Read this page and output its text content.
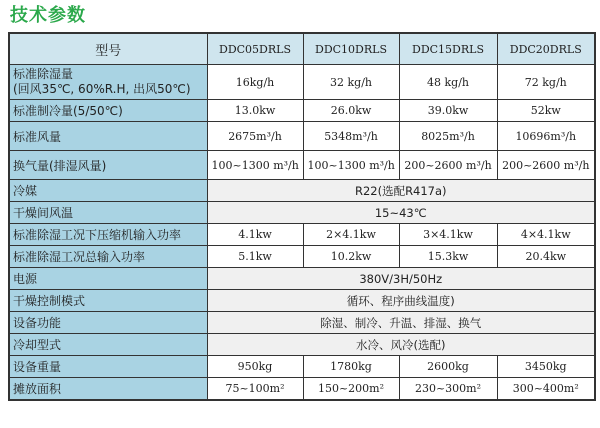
技术参数
型号	DDC05DRLS	DDC10DRLS	DDC15DRLS	DDC20DRLS

标准除湿量
(回风35℃, 60%R.H, 出风50℃)	16kg/h	32 kg/h	48 kg/h	72 kg/h
标准制冷量(5/50℃)	13.0kw	26.0kw	39.0kw	52kw
标准风量	2675m³/h	5348m³/h	8025m³/h	10696m³/h
换气量(排湿风量)	100~1300 m³/h	100~1300 m³/h	200~2600 m³/h	200~2600 m³/h
冷媒	R22(选配R417a)			
干燥间风温	15~43℃			
标准除湿工况下压缩机输入功率	4.1kw	2×4.1kw	3×4.1kw	4×4.1kw
标准除湿工况总输入功率	5.1kw	10.2kw	15.3kw	20.4kw
电源	380V/3H/50Hz			
干燥控制模式	循环、程序曲线温度)			
设备功能	除湿、制冷、升温、排湿、换气			
冷却型式	水冷、风冷(选配)			
设备重量	950kg	1780kg	2600kg	3450kg
摊放面积	75~100m²	150~200m²	230~300m²	300~400m²
